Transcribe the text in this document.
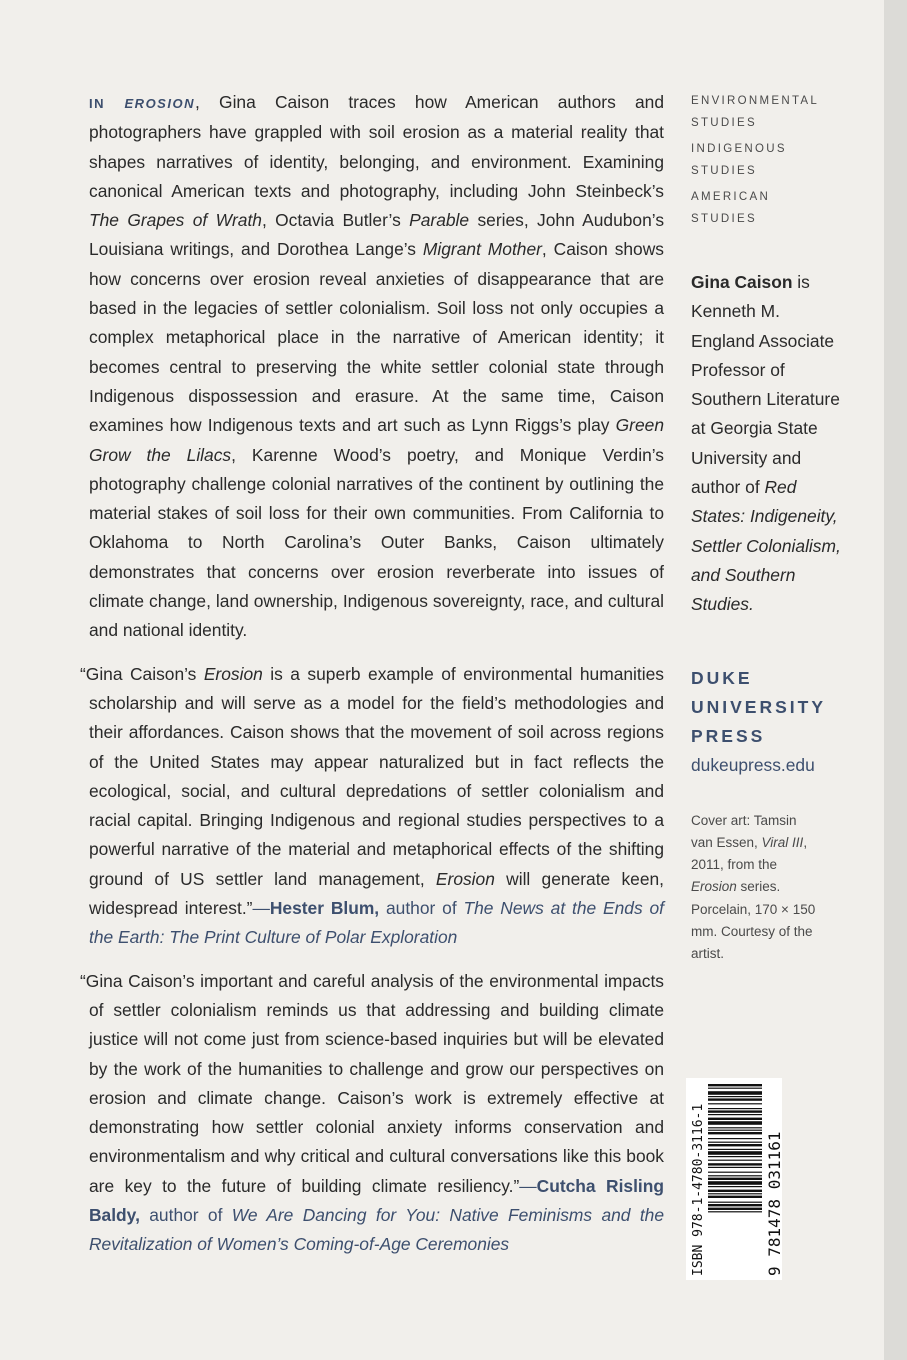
IN EROSION, Gina Caison traces how American authors and photographers have grappled with soil erosion as a material reality that shapes narratives of identity, belonging, and environment. Examining canonical American texts and photography, including John Steinbeck’s The Grapes of Wrath, Octavia Butler’s Parable series, John Audubon’s Louisiana writings, and Dorothea Lange’s Migrant Mother, Caison shows how concerns over erosion reveal anxieties of disappearance that are based in the legacies of settler colonialism. Soil loss not only occupies a complex metaphorical place in the narrative of American identity; it becomes central to preserving the white settler colonial state through Indigenous dispossession and erasure. At the same time, Caison examines how Indigenous texts and art such as Lynn Riggs’s play Green Grow the Lilacs, Karenne Wood’s poetry, and Monique Verdin’s photography challenge colonial narratives of the continent by outlining the material stakes of soil loss for their own communities. From California to Oklahoma to North Carolina’s Outer Banks, Caison ultimately demonstrates that concerns over erosion reverberate into issues of climate change, land ownership, Indigenous sovereignty, race, and cultural and national identity.

“Gina Caison’s Erosion is a superb example of environmental humanities scholarship and will serve as a model for the field’s methodologies and their affordances. Caison shows that the movement of soil across regions of the United States may appear naturalized but in fact reflects the ecological, social, and cultural depredations of settler colonialism and racial capital. Bringing Indigenous and regional studies perspectives to a powerful narrative of the material and metaphorical effects of the shifting ground of US settler land management, Erosion will generate keen, widespread interest.”—Hester Blum, author of The News at the Ends of the Earth: The Print Culture of Polar Exploration

“Gina Caison’s important and careful analysis of the environmental impacts of settler colonialism reminds us that addressing and building climate justice will not come just from science-based inquiries but will be elevated by the work of the humanities to challenge and grow our perspectives on erosion and climate change. Caison’s work is extremely effective at demonstrating how settler colonial anxiety informs conservation and environmentalism and why critical and cultural conversations like this book are key to the future of building climate resiliency.”—Cutcha Risling Baldy, author of We Are Dancing for You: Native Feminisms and the Revitalization of Women’s Coming-of-Age Ceremonies

ENVIRONMENTAL STUDIES
INDIGENOUS STUDIES
AMERICAN STUDIES
Gina Caison is Kenneth M. England Associate Professor of Southern Literature at Georgia State University and author of Red States: Indigeneity, Settler Colonialism, and Southern Studies.
DUKE
UNIVERSITY
PRESS
dukeupress.edu
Cover art: Tamsin van Essen, Viral III, 2011, from the Erosion series. Porcelain, 170 × 150 mm. Courtesy of the artist.
ISBN 978-1-4780-3116-1	9 781478 031161
